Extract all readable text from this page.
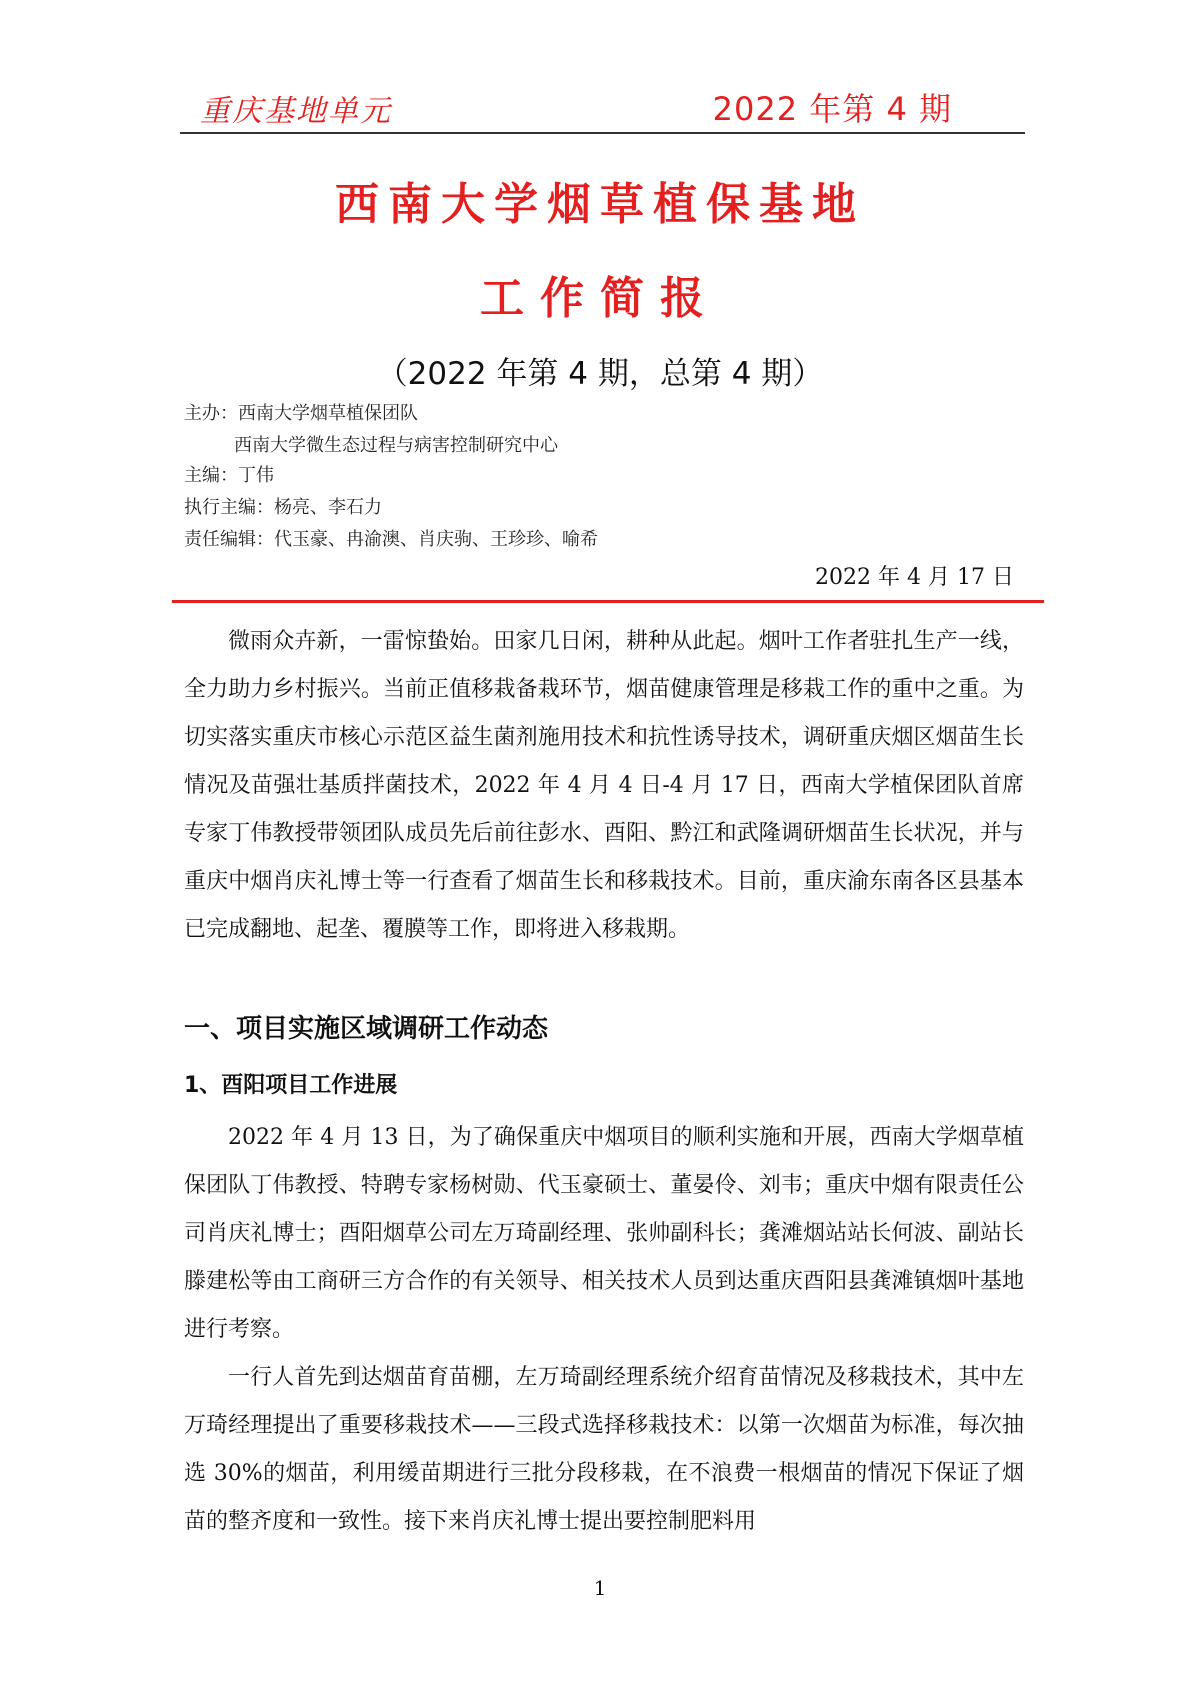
重庆基地单元	2022 年第 4 期
西南大学烟草植保基地
工作简报
（2022 年第 4 期，总第 4 期）
主办：西南大学烟草植保团队
西南大学微生态过程与病害控制研究中心
主编：丁伟
执行主编：杨亮、李石力
责任编辑：代玉豪、冉渝澳、肖庆驹、王珍珍、喻希
2022 年 4 月 17 日

微雨众卉新，一雷惊蛰始。田家几日闲，耕种从此起。烟叶工作者驻扎生产一线，全力助力乡村振兴。当前正值移栽备栽环节，烟苗健康管理是移栽工作的重中之重。为切实落实重庆市核心示范区益生菌剂施用技术和抗性诱导技术，调研重庆烟区烟苗生长情况及苗强壮基质拌菌技术，2022 年 4 月 4 日-4 月 17 日，西南大学植保团队首席专家丁伟教授带领团队成员先后前往彭水、酉阳、黔江和武隆调研烟苗生长状况，并与重庆中烟肖庆礼博士等一行查看了烟苗生长和移栽技术。目前，重庆渝东南各区县基本已完成翻地、起垄、覆膜等工作，即将进入移栽期。

一、项目实施区域调研工作动态
1、酉阳项目工作进展

2022 年 4 月 13 日，为了确保重庆中烟项目的顺利实施和开展，西南大学烟草植保团队丁伟教授、特聘专家杨树勋、代玉豪硕士、董晏伶、刘韦；重庆中烟有限责任公司肖庆礼博士；酉阳烟草公司左万琦副经理、张帅副科长；龚滩烟站站长何波、副站长滕建松等由工商研三方合作的有关领导、相关技术人员到达重庆酉阳县龚滩镇烟叶基地进行考察。

一行人首先到达烟苗育苗棚，左万琦副经理系统介绍育苗情况及移栽技术，其中左万琦经理提出了重要移栽技术——三段式选择移栽技术：以第一次烟苗为标准，每次抽选 30%的烟苗，利用缓苗期进行三批分段移栽，在不浪费一根烟苗的情况下保证了烟苗的整齐度和一致性。接下来肖庆礼博士提出要控制肥料用

1
